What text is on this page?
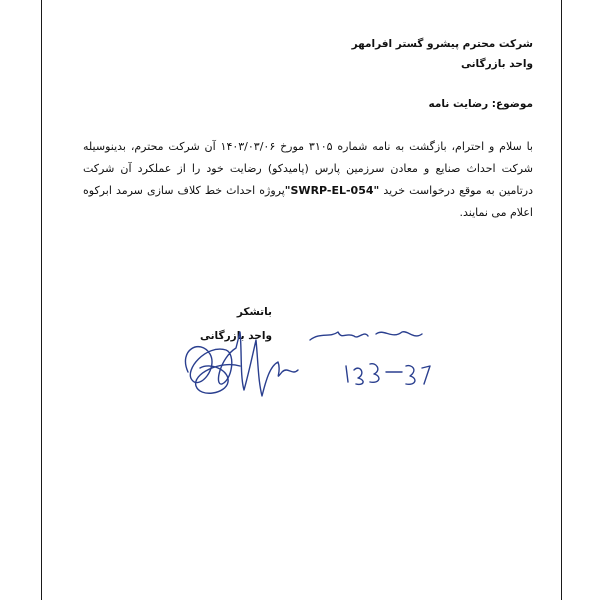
شرکت محترم پیشرو گستر افرامهر
واحد بازرگانی
موضوع: رضایت نامه
با سلام و احترام، بازگشت به نامه شماره ۳۱۰۵ مورخ ۱۴۰۳/۰۳/۰۶ آن شرکت محترم، بدینوسیله شرکت احداث صنایع و معادن سرزمین پارس (پامیدکو) رضایت خود را از عملکرد آن شرکت درتامین به موقع درخواست خرید "SWRP-EL-054"پروژه احداث خط کلاف سازی سرمد ابرکوه اعلام می نمایند.
باتشکر
واحد بازرگانی
